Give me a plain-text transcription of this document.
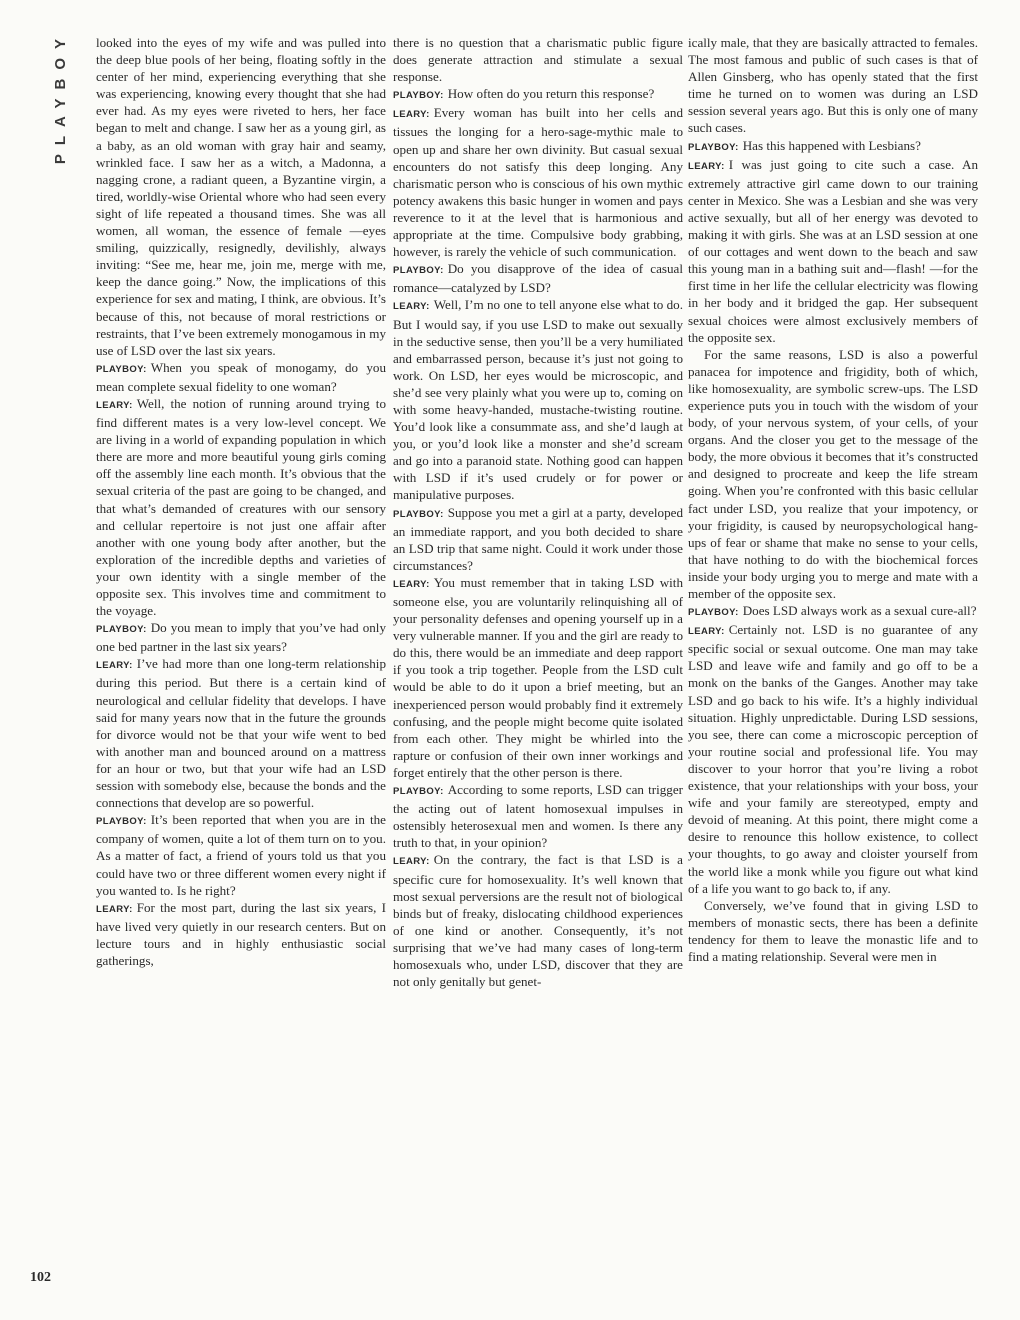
PLAYBOY looked into the eyes of my wife and was pulled into the deep blue pools of her being, floating softly in the center of her mind, experiencing everything that she was experiencing, knowing every thought that she had ever had. As my eyes were riveted to hers, her face began to melt and change. I saw her as a young girl, as a baby, as an old woman with gray hair and seamy, wrinkled face. I saw her as a witch, a Madonna, a nagging crone, a radiant queen, a Byzantine virgin, a tired, worldly-wise Oriental whore who had seen every sight of life repeated a thousand times. She was all women, all woman, the essence of female —eyes smiling, quizzically, resignedly, devilishly, always inviting: “See me, hear me, join me, merge with me, keep the dance going.” Now, the implications of this experience for sex and mating, I think, are obvious. It’s because of this, not because of moral restrictions or restraints, that I’ve been extremely monogamous in my use of LSD over the last six years.

PLAYBOY: When you speak of monogamy, do you mean complete sexual fidelity to one woman?

LEARY: Well, the notion of running around trying to find different mates is a very low-level concept. We are living in a world of expanding population in which there are more and more beautiful young girls coming off the assembly line each month. It’s obvious that the sexual criteria of the past are going to be changed, and that what’s demanded of creatures with our sensory and cellular repertoire is not just one affair after another with one young body after another, but the exploration of the incredible depths and varieties of your own identity with a single member of the opposite sex. This involves time and commitment to the voyage.

PLAYBOY: Do you mean to imply that you’ve had only one bed partner in the last six years?

LEARY: I’ve had more than one long-term relationship during this period. But there is a certain kind of neurological and cellular fidelity that develops. I have said for many years now that in the future the grounds for divorce would not be that your wife went to bed with another man and bounced around on a mattress for an hour or two, but that your wife had an LSD session with somebody else, because the bonds and the connections that develop are so powerful.

PLAYBOY: It’s been reported that when you are in the company of women, quite a lot of them turn on to you. As a matter of fact, a friend of yours told us that you could have two or three different women every night if you wanted to. Is he right?

LEARY: For the most part, during the last six years, I have lived very quietly in our research centers. But on lecture tours and in highly enthusiastic social gatherings,

there is no question that a charismatic public figure does generate attraction and stimulate a sexual response.

PLAYBOY: How often do you return this response?

LEARY: Every woman has built into her cells and tissues the longing for a hero-sage-mythic male to open up and share her own divinity. But casual sexual encounters do not satisfy this deep longing. Any charismatic person who is conscious of his own mythic potency awakens this basic hunger in women and pays reverence to it at the level that is harmonious and appropriate at the time. Compulsive body grabbing, however, is rarely the vehicle of such communication.

PLAYBOY: Do you disapprove of the idea of casual romance—catalyzed by LSD?

LEARY: Well, I’m no one to tell anyone else what to do. But I would say, if you use LSD to make out sexually in the seductive sense, then you’ll be a very humiliated and embarrassed person, because it’s just not going to work. On LSD, her eyes would be microscopic, and she’d see very plainly what you were up to, coming on with some heavy-handed, mustache-twisting routine. You’d look like a consummate ass, and she’d laugh at you, or you’d look like a monster and she’d scream and go into a paranoid state. Nothing good can happen with LSD if it’s used crudely or for power or manipulative purposes.

PLAYBOY: Suppose you met a girl at a party, developed an immediate rapport, and you both decided to share an LSD trip that same night. Could it work under those circumstances?

LEARY: You must remember that in taking LSD with someone else, you are voluntarily relinquishing all of your personality defenses and opening yourself up in a very vulnerable manner. If you and the girl are ready to do this, there would be an immediate and deep rapport if you took a trip together. People from the LSD cult would be able to do it upon a brief meeting, but an inexperienced person would probably find it extremely confusing, and the people might become quite isolated from each other. They might be whirled into the rapture or confusion of their own inner workings and forget entirely that the other person is there.

PLAYBOY: According to some reports, LSD can trigger the acting out of latent homosexual impulses in ostensibly heterosexual men and women. Is there any truth to that, in your opinion?

LEARY: On the contrary, the fact is that LSD is a specific cure for homosexuality. It’s well known that most sexual perversions are the result not of biological binds but of freaky, dislocating childhood experiences of one kind or another. Consequently, it’s not surprising that we’ve had many cases of long-term homosexuals who, under LSD, discover that they are not only genitally but genet-

ically male, that they are basically attracted to females. The most famous and public of such cases is that of Allen Ginsberg, who has openly stated that the first time he turned on to women was during an LSD session several years ago. But this is only one of many such cases.

PLAYBOY: Has this happened with Lesbians?

LEARY: I was just going to cite such a case. An extremely attractive girl came down to our training center in Mexico. She was a Lesbian and she was very active sexually, but all of her energy was devoted to making it with girls. She was at an LSD session at one of our cottages and went down to the beach and saw this young man in a bathing suit and—flash! —for the first time in her life the cellular electricity was flowing in her body and it bridged the gap. Her subsequent sexual choices were almost exclusively members of the opposite sex.

For the same reasons, LSD is also a powerful panacea for impotence and frigidity, both of which, like homosexuality, are symbolic screw-ups. The LSD experience puts you in touch with the wisdom of your body, of your nervous system, of your cells, of your organs. And the closer you get to the message of the body, the more obvious it becomes that it’s constructed and designed to procreate and keep the life stream going. When you’re confronted with this basic cellular fact under LSD, you realize that your impotency, or your frigidity, is caused by neuropsychological hang-ups of fear or shame that make no sense to your cells, that have nothing to do with the biochemical forces inside your body urging you to merge and mate with a member of the opposite sex.

PLAYBOY: Does LSD always work as a sexual cure-all?

LEARY: Certainly not. LSD is no guarantee of any specific social or sexual outcome. One man may take LSD and leave wife and family and go off to be a monk on the banks of the Ganges. Another may take LSD and go back to his wife. It’s a highly individual situation. Highly unpredictable. During LSD sessions, you see, there can come a microscopic perception of your routine social and professional life. You may discover to your horror that you’re living a robot existence, that your relationships with your boss, your wife and your family are stereotyped, empty and devoid of meaning. At this point, there might come a desire to renounce this hollow existence, to collect your thoughts, to go away and cloister yourself from the world like a monk while you figure out what kind of a life you want to go back to, if any.

Conversely, we’ve found that in giving LSD to members of monastic sects, there has been a definite tendency for them to leave the monastic life and to find a mating relationship. Several were men in

102
